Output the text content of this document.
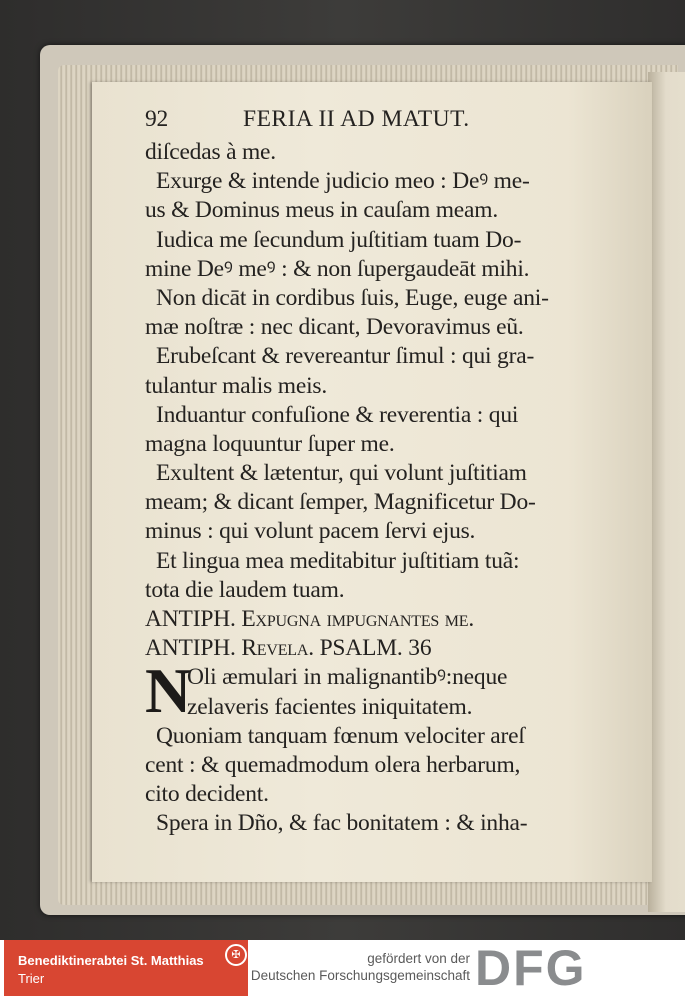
92	FERIA II AD MATUT.
diſcedas à me.
Exurge & intende judicio meo : Deꝰ me-
us & Dominus meus in cauſam meam.
Iudica me ſecundum juſtitiam tuam Do-
mine Deꝰ meꝰ : & non ſupergaudeāt mihi.
Non dicāt in cordibus ſuis, Euge, euge ani-
mæ noſtræ : nec dicant, Devoravimus eũ.
Erubeſcant & revereantur ſimul : qui gra-
tulantur malis meis.
Induantur confuſione & reverentia : qui
magna loquuntur ſuper me.
Exultent & lætentur, qui volunt juſtitiam
meam; & dicant ſemper, Magnificetur Do-
minus : qui volunt pacem ſervi ejus.
Et lingua mea meditabitur juſtitiam tuã:
tota die laudem tuam.
ANTIPH. Expugna impugnantes me.
ANTIPH. Revela. PSALM. 36
N
Oli æmulari in malignantibꝰ:neque
zelaveris facientes iniquitatem.
Quoniam tanquam fœnum velociter areſ
cent : & quemadmodum olera herbarum,
cito decident.
Spera in Dño, & fac bonitatem : & inha-
Benediktinerabtei St. Matthias
Trier
✠	gefördert von der
Deutschen Forschungsgemeinschaft DFG
